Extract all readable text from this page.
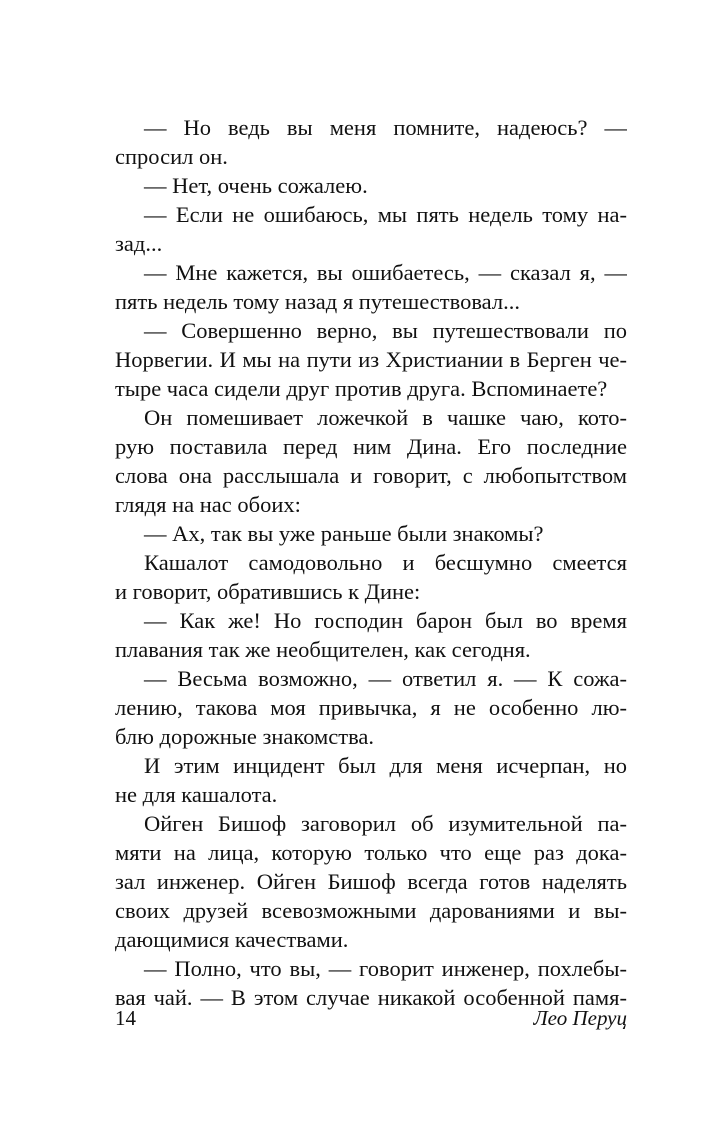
— Но ведь вы меня помните, надеюсь? —
спросил он.
— Нет, очень сожалею.
— Если не ошибаюсь, мы пять недель тому на-
зад...
— Мне кажется, вы ошибаетесь, — сказал я, —
пять недель тому назад я путешествовал...
— Совершенно верно, вы путешествовали по
Норвегии. И мы на пути из Христиании в Берген че-
тыре часа сидели друг против друга. Вспоминаете?
Он помешивает ложечкой в чашке чаю, кото-
рую поставила перед ним Дина. Его последние
слова она расслышала и говорит, с любопытством
глядя на нас обоих:
— Ах, так вы уже раньше были знакомы?
Кашалот самодовольно и бесшумно смеется
и говорит, обратившись к Дине:
— Как же! Но господин барон был во время
плавания так же необщителен, как сегодня.
— Весьма возможно, — ответил я. — К сожа-
лению, такова моя привычка, я не особенно лю-
блю дорожные знакомства.
И этим инцидент был для меня исчерпан, но
не для кашалота.
Ойген Бишоф заговорил об изумительной па-
мяти на лица, которую только что еще раз дока-
зал инженер. Ойген Бишоф всегда готов наделять
своих друзей всевозможными дарованиями и вы-
дающимися качествами.
— Полно, что вы, — говорит инженер, похлебы-
вая чай. — В этом случае никакой особенной памя-
14	Лео Перуц
